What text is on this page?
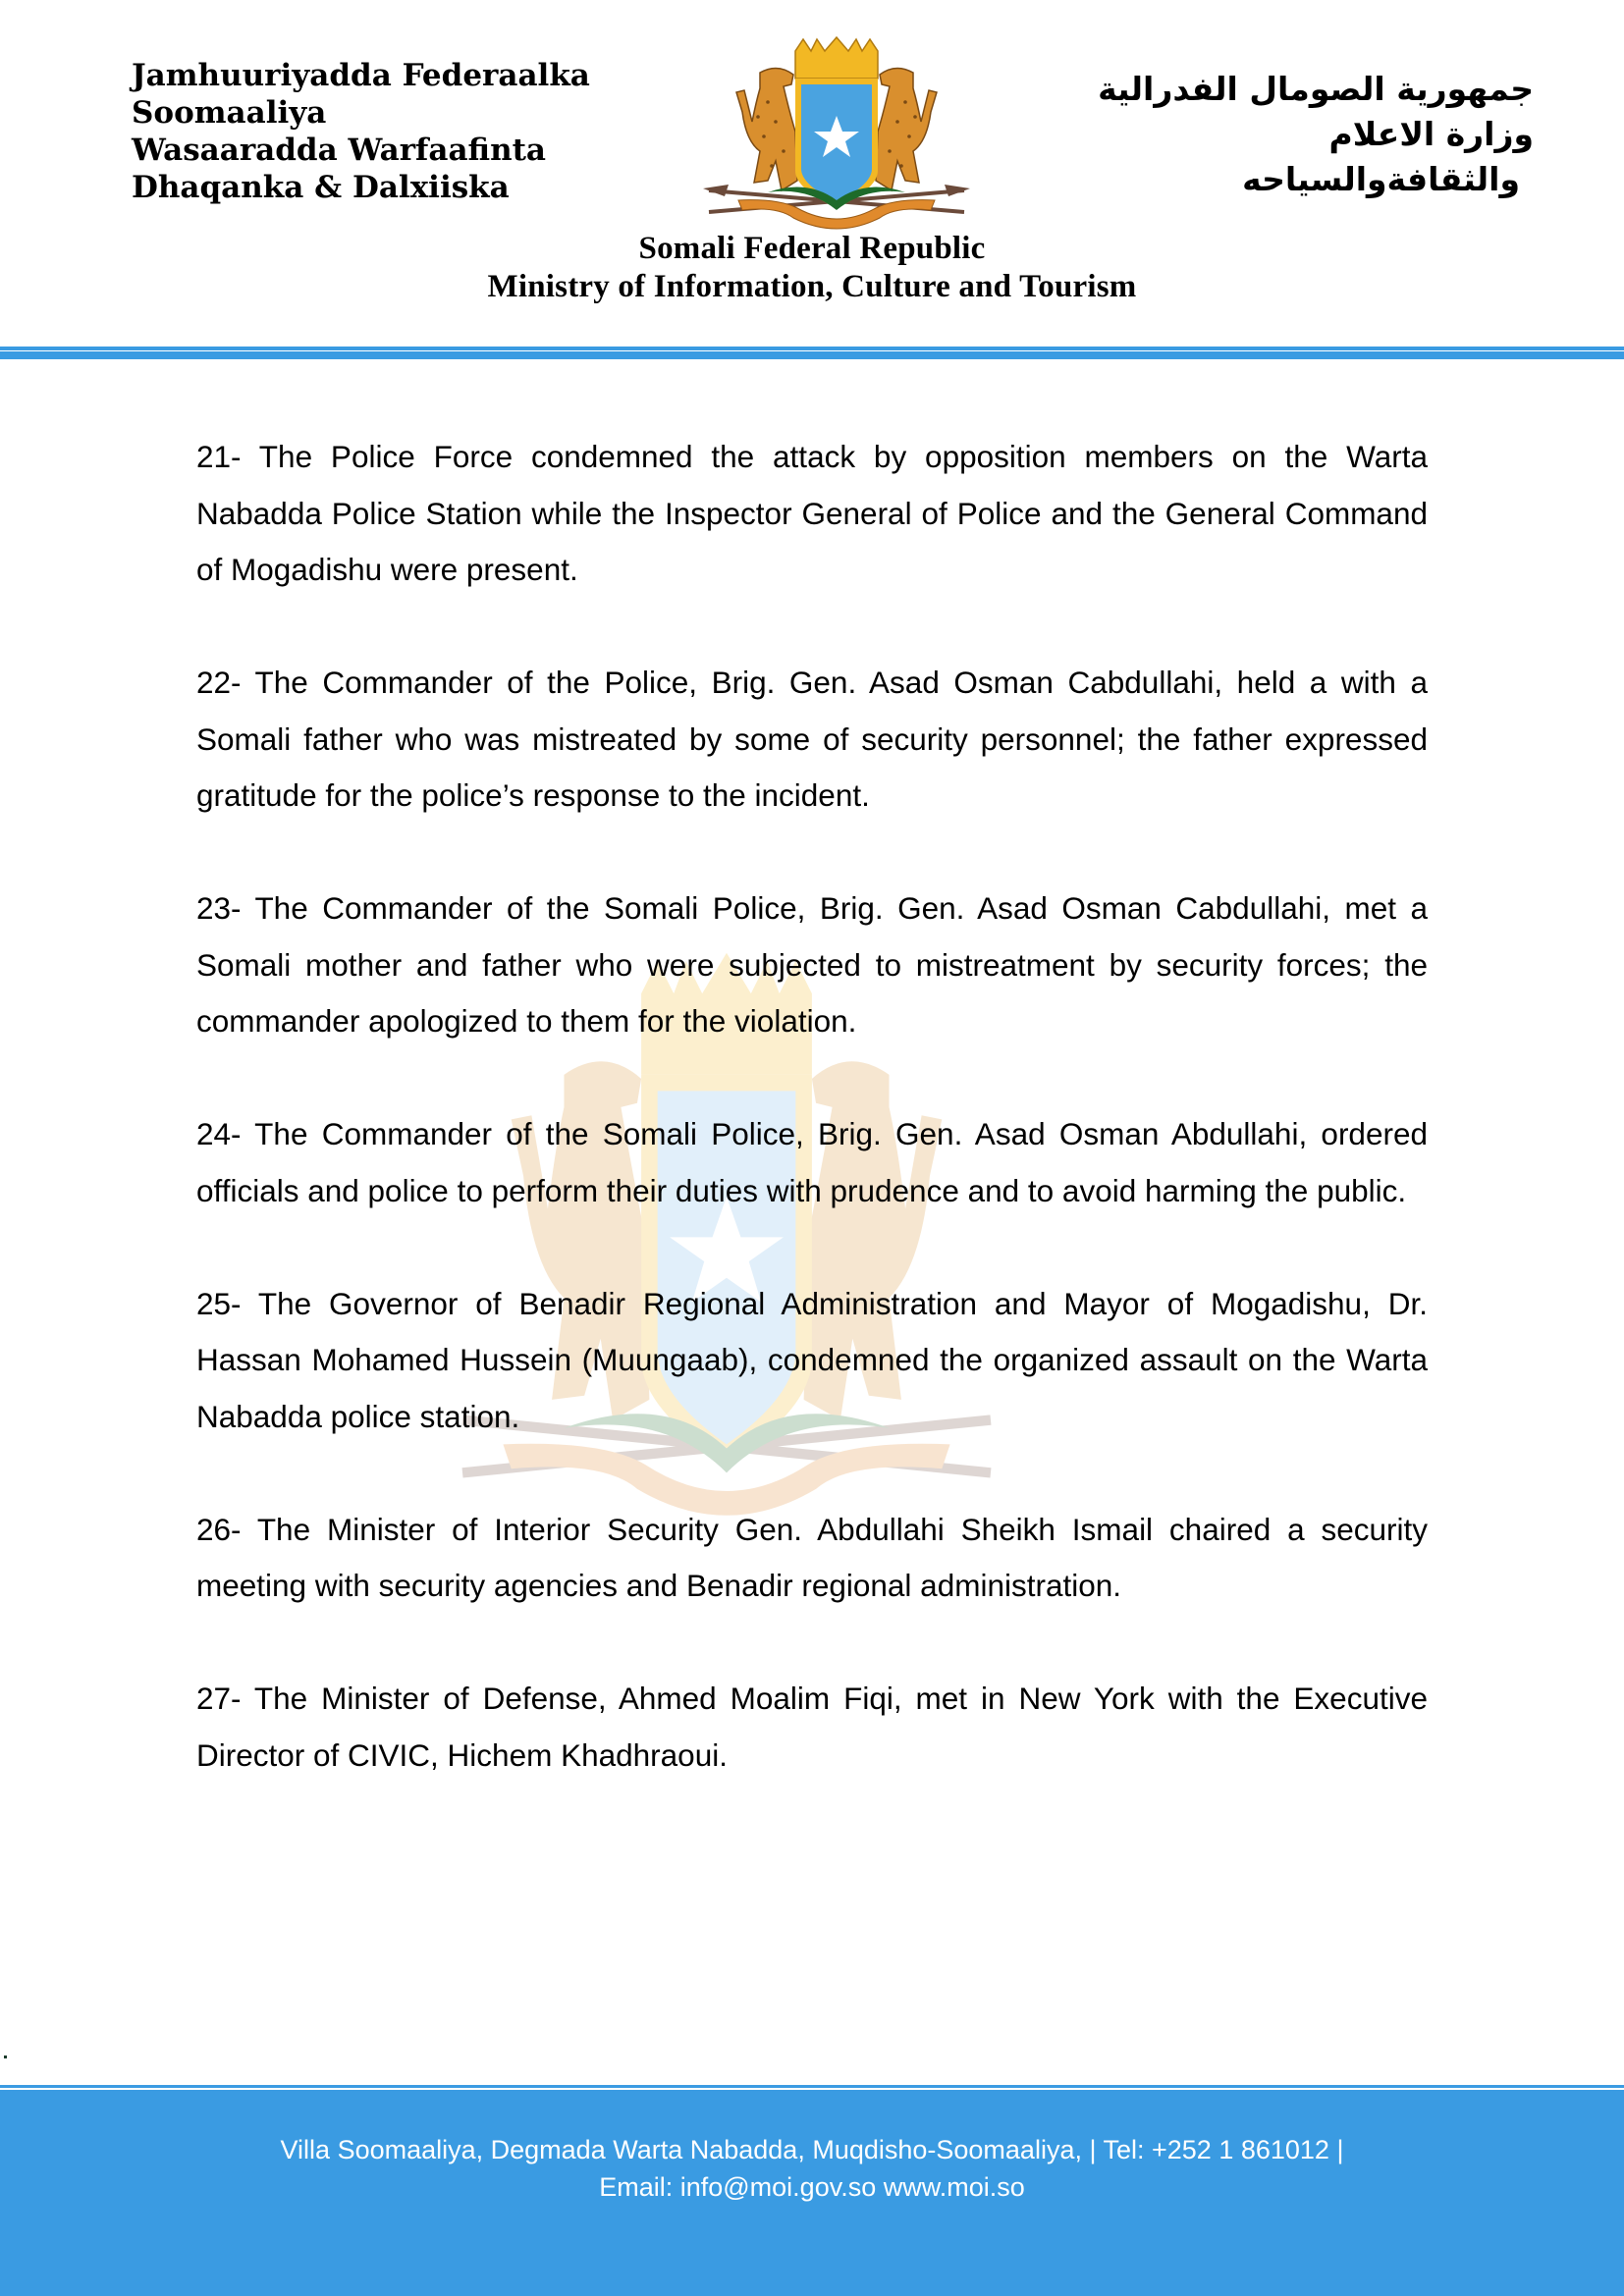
Jamhuuriyadda Federaalka
Soomaaliya
Wasaaradda Warfaafinta
Dhaqanka & Dalxiiska
جمهورية الصومال الفدرالية
وزارة الاعلام
والثقافةوالسياحه
Somali Federal Republic
Ministry of Information, Culture and Tourism

21- The Police Force condemned the attack by opposition members on the Warta Nabadda Police Station while the Inspector General of Police and the General Command of Mogadishu were present.

22- The Commander of the Police, Brig. Gen. Asad Osman Cabdullahi, held a with a Somali father who was mistreated by some of security personnel; the father expressed gratitude for the police’s response to the incident.

23- The Commander of the Somali Police, Brig. Gen. Asad Osman Cabdullahi, met a Somali mother and father who were subjected to mistreatment by security forces; the commander apologized to them for the violation.

24- The Commander of the Somali Police, Brig. Gen. Asad Osman Abdullahi, ordered officials and police to perform their duties with prudence and to avoid harming the public.

25- The Governor of Benadir Regional Administration and Mayor of Mogadishu, Dr. Hassan Mohamed Hussein (Muungaab), condemned the organized assault on the Warta Nabadda police station.

26- The Minister of Interior Security Gen. Abdullahi Sheikh Ismail chaired a security meeting with security agencies and Benadir regional administration.

27- The Minister of Defense, Ahmed Moalim Fiqi, met in New York with the Executive Director of CIVIC, Hichem Khadhraoui.

Villa Soomaaliya, Degmada Warta Nabadda, Muqdisho-Soomaaliya, | Tel: +252 1 861012 |
Email: info@moi.gov.so www.moi.so
